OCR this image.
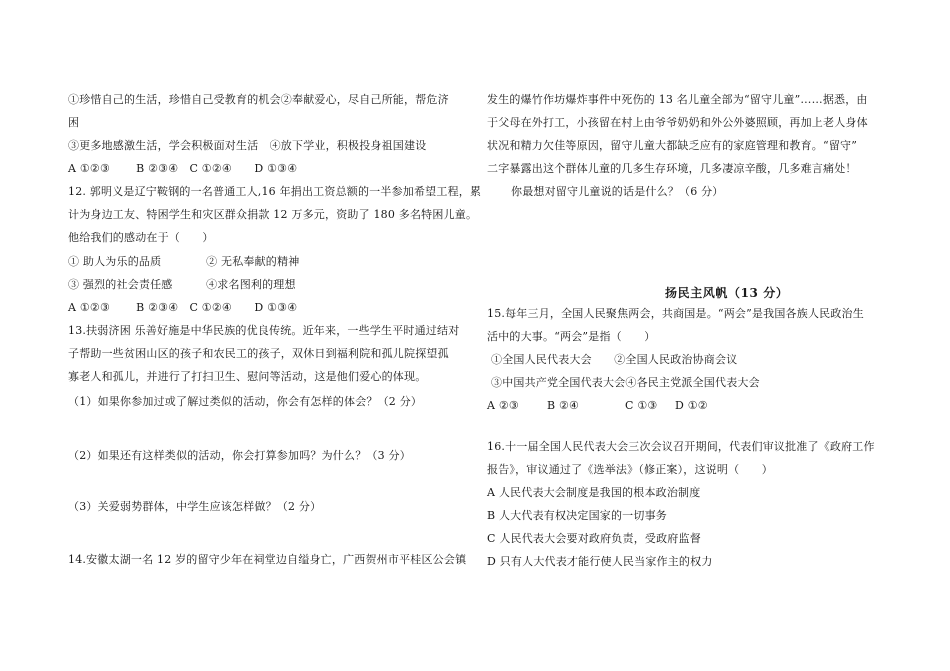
①珍惜自己的生活，珍惜自己受教育的机会②奉献爱心，尽自己所能，帮危济
困
③更多地感激生活，学会积极面对生活　④放下学业，积极投身祖国建设
A ①②③　　 B ②③④　C ①②④　　D ①③④
12. 郭明义是辽宁鞍钢的一名普通工人,16 年捐出工资总额的一半参加希望工程，累
计为身边工友、特困学生和灾区群众捐款 12 万多元，资助了 180 多名特困儿童。
他给我们的感动在于（　　）
① 助人为乐的品质　　　　② 无私奉献的精神
③ 强烈的社会责任感　　　④求名图利的理想
A ①②③　　 B ②③④　C ①②④　　D ①③④
13.扶弱济困 乐善好施是中华民族的优良传统。近年来，一些学生平时通过结对
子帮助一些贫困山区的孩子和农民工的孩子，双休日到福利院和孤儿院探望孤
寡老人和孤儿，并进行了打扫卫生、慰问等活动，这是他们爱心的体现。
（1）如果你参加过或了解过类似的活动，你会有怎样的体会？（2 分）
（2）如果还有这样类似的活动，你会打算参加吗？为什么？（3 分）
（3）关爱弱势群体，中学生应该怎样做？（2 分）
14.安徽太湖一名 12 岁的留守少年在祠堂边自缢身亡，广西贺州市平桂区公会镇
发生的爆竹作坊爆炸事件中死伤的 13 名儿童全部为“留守儿童”……据悉，由
于父母在外打工，小孩留在村上由爷爷奶奶和外公外婆照顾，再加上老人身体
状况和精力欠佳等原因，留守儿童大都缺乏应有的家庭管理和教育。“留守”
二字暴露出这个群体儿童的几多生存环境，几多凄凉辛酸，几多难言痛处！
你最想对留守儿童说的话是什么？（6 分）
扬民主风帆（13 分）
15.每年三月，全国人民聚焦两会，共商国是。“两会”是我国各族人民政治生
活中的大事。“两会”是指（　　）
①全国人民代表大会　　②全国人民政治协商会议
③中国共产党全国代表大会④各民主党派全国代表大会
A ②③	B ②④	C ①③ D ①②
16.十一届全国人民代表大会三次会议召开期间，代表们审议批准了《政府工作
报告》，审议通过了《选举法》（修正案），这说明（　　）
A 人民代表大会制度是我国的根本政治制度
B 人大代表有权决定国家的一切事务
C 人民代表大会要对政府负责，受政府监督
D 只有人大代表才能行使人民当家作主的权力
